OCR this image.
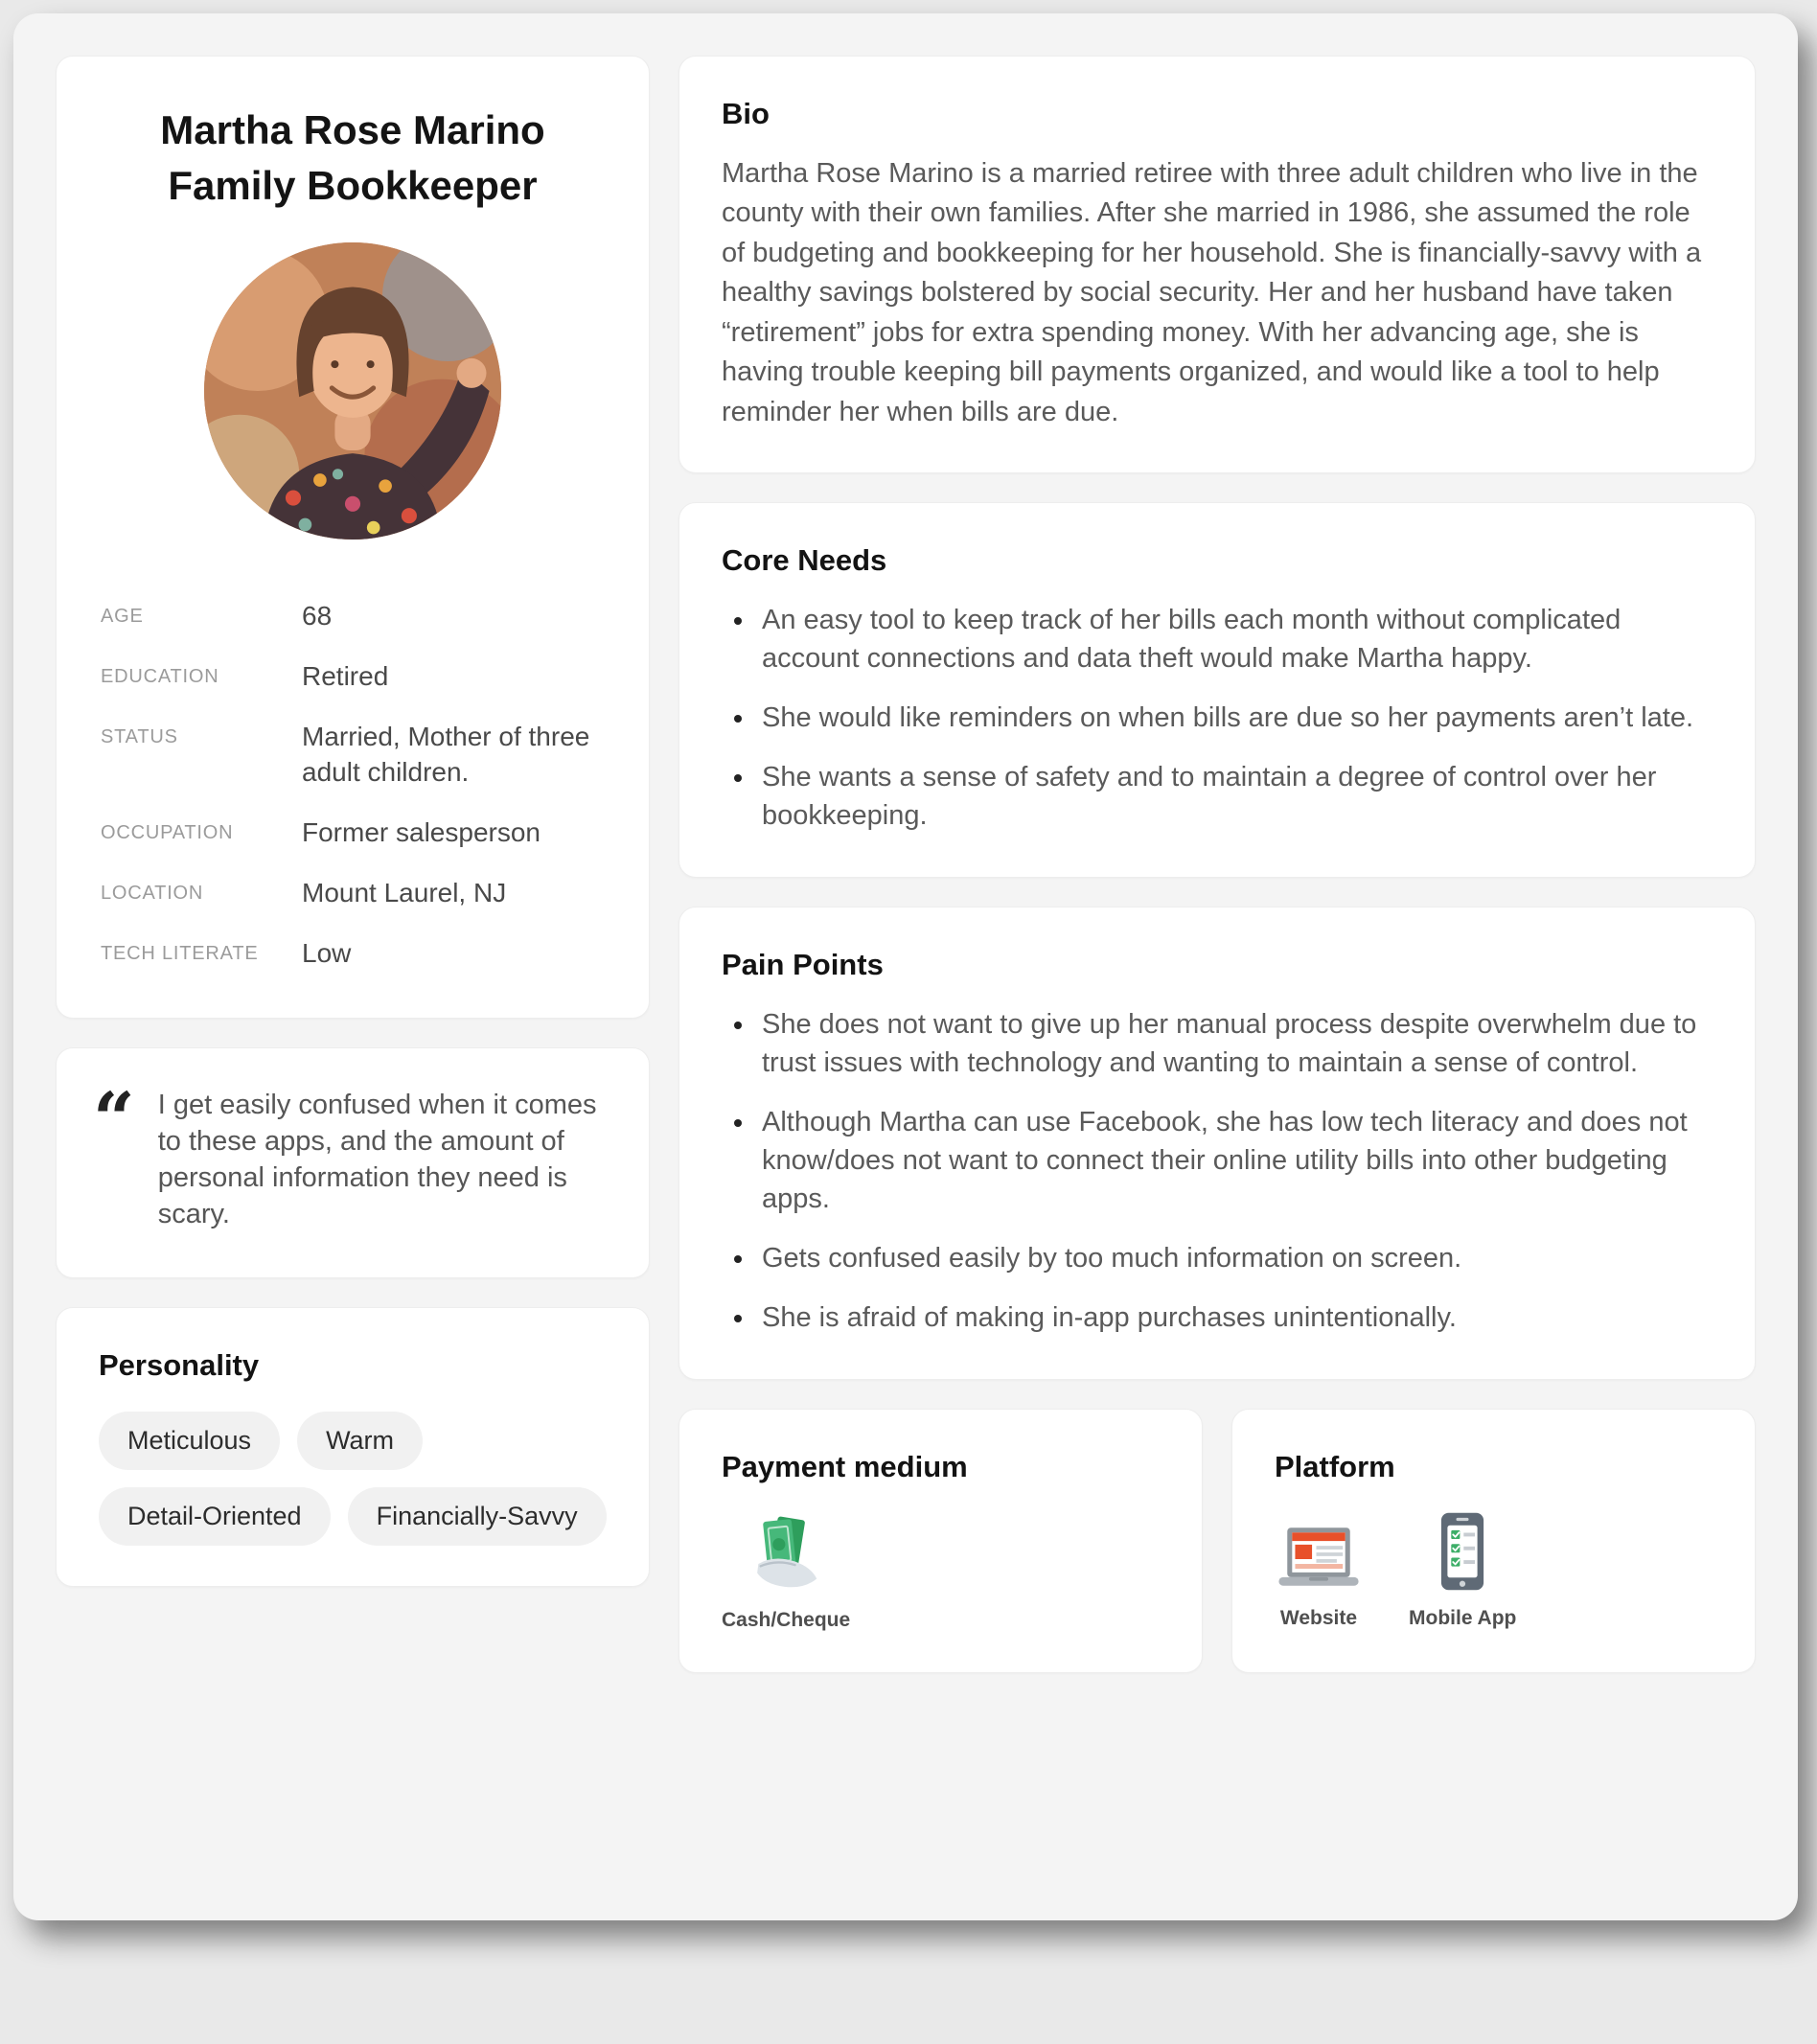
Martha Rose Marino
Family Bookkeeper
AGE	68
EDUCATION	Retired
STATUS	Married, Mother of three adult children.
OCCUPATION	Former salesperson
LOCATION	Mount Laurel, NJ
TECH LITERATE	Low
“ I get easily confused when it comes to these apps, and the amount of personal information they need is scary.

Personality
Meticulous	Warm
Detail-Oriented	Financially-Savvy
Bio

Martha Rose Marino is a married retiree with three adult children who live in the county with their own families. After she married in 1986, she assumed the role of budgeting and bookkeeping for her household. She is financially-savvy with a healthy savings bolstered by social security. Her and her husband have taken “retirement” jobs for extra spending money. With her advancing age, she is having trouble keeping bill payments organized, and would like a tool to help reminder her when bills are due.

Core Needs
• An easy tool to keep track of her bills each month without complicated account connections and data theft would make Martha happy.
• She would like reminders on when bills are due so her payments aren’t late.
• She wants a sense of safety and to maintain a degree of control over her bookkeeping.
Pain Points
• She does not want to give up her manual process despite overwhelm due to trust issues with technology and wanting to maintain a sense of control.
• Although Martha can use Facebook, she has low tech literacy and does not know/does not want to connect their online utility bills into other budgeting apps.
• Gets confused easily by too much information on screen.
• She is afraid of making in-app purchases unintentionally.
Payment medium
Cash/Cheque
Platform
Website	Mobile App
